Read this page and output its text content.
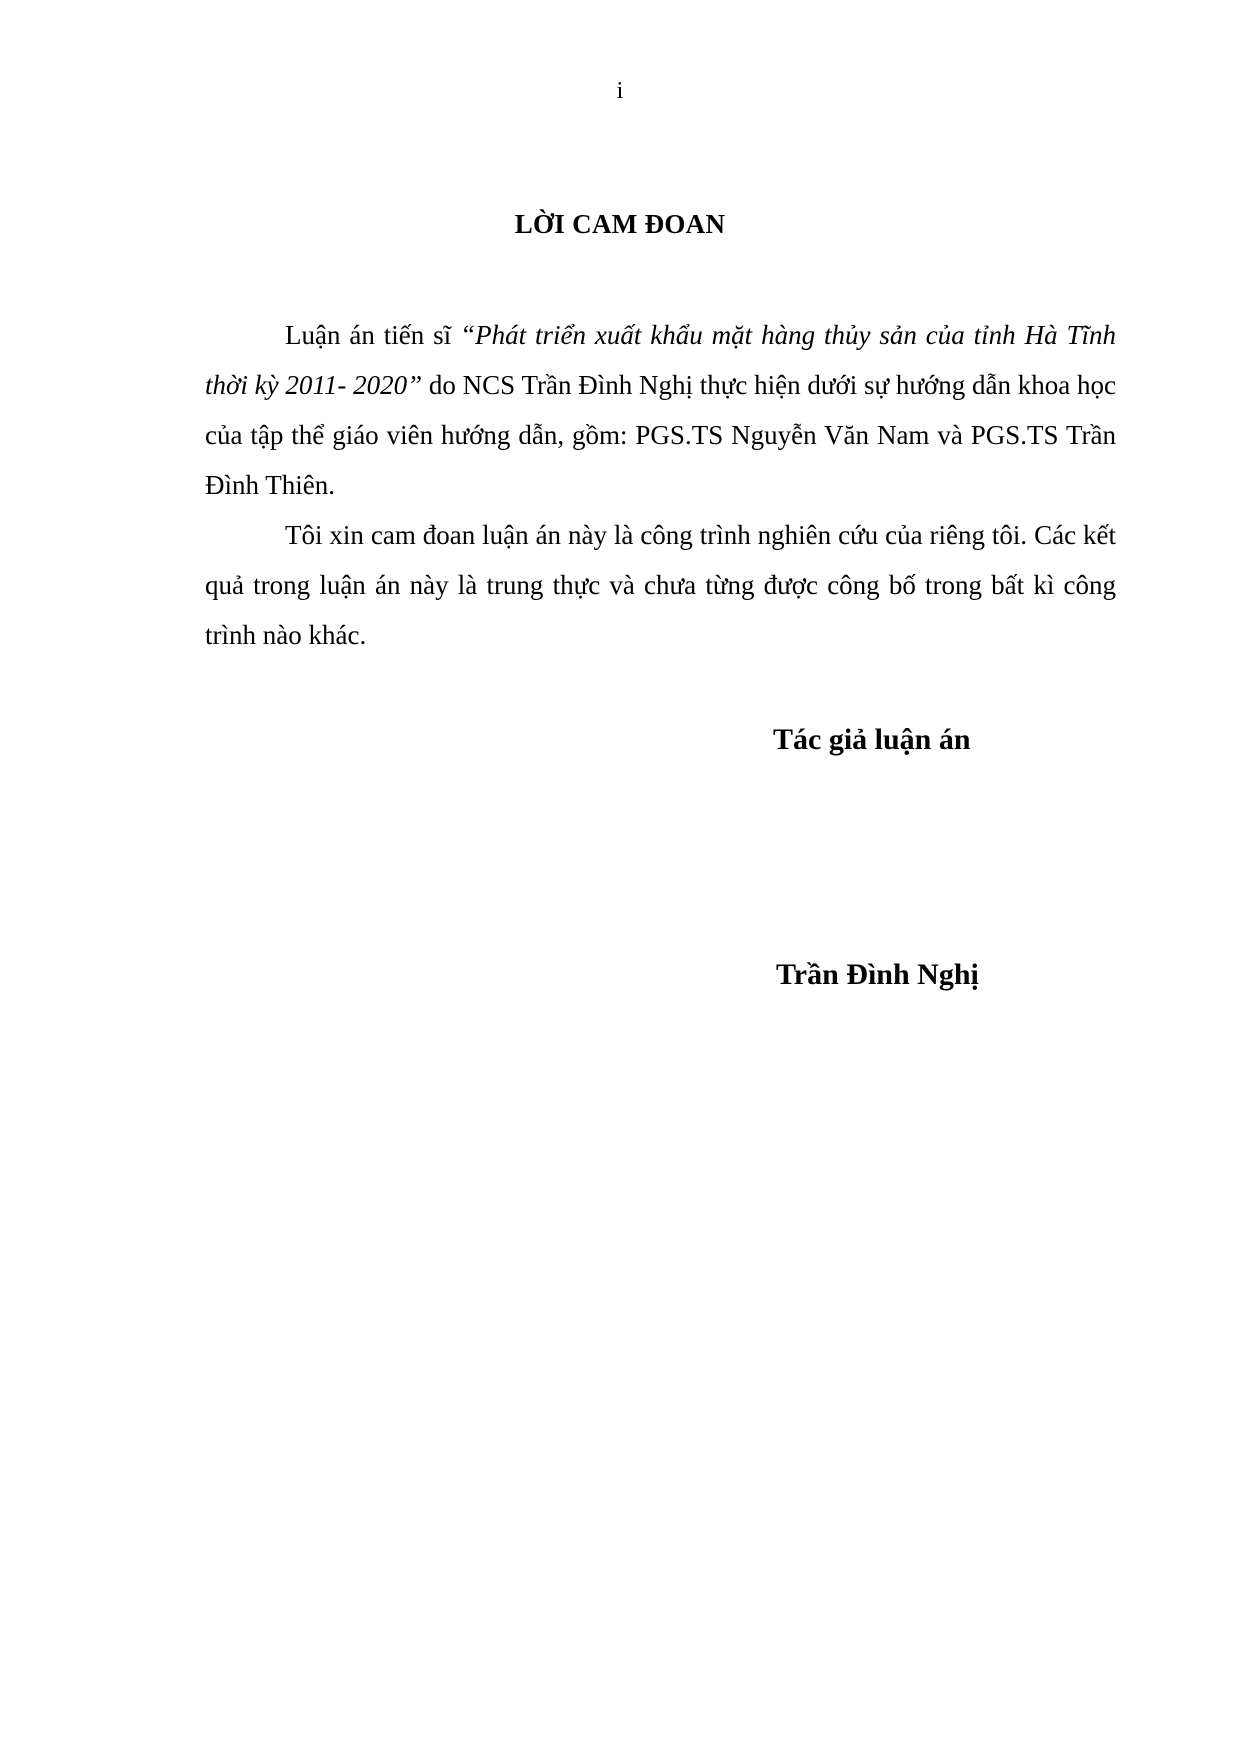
i
LỜI CAM ĐOAN

Luận án tiến sĩ “Phát triển xuất khẩu mặt hàng thủy sản của tỉnh Hà Tĩnh thời kỳ 2011- 2020” do NCS Trần Đình Nghị thực hiện dưới sự hướng dẫn khoa học của tập thể giáo viên hướng dẫn, gồm: PGS.TS Nguyễn Văn Nam và PGS.TS Trần Đình Thiên.

Tôi xin cam đoan luận án này là công trình nghiên cứu của riêng tôi. Các kết quả trong luận án này là trung thực và chưa từng được công bố trong bất kì công trình nào khác.

Tác giả luận án
Trần Đình Nghị
